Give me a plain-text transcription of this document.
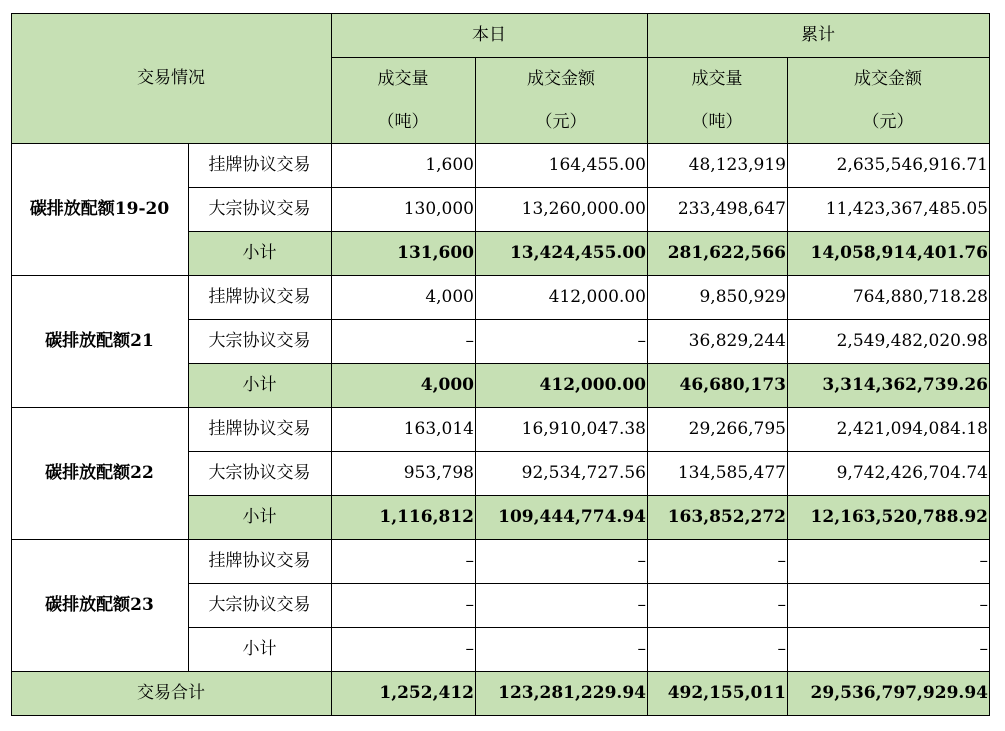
交易情况		本日		累计	
		成交量	成交金额	成交量	成交金额
		（吨）	（元）	（吨）	（元）
碳排放配额19-20	挂牌协议交易	1,600	164,455.00	48,123,919	2,635,546,916.71
	大宗协议交易	130,000	13,260,000.00	233,498,647	11,423,367,485.05
	小计	131,600	13,424,455.00	281,622,566	14,058,914,401.76
碳排放配额21	挂牌协议交易	4,000	412,000.00	9,850,929	764,880,718.28
	大宗协议交易	–	–	36,829,244	2,549,482,020.98
	小计	4,000	412,000.00	46,680,173	3,314,362,739.26
碳排放配额22	挂牌协议交易	163,014	16,910,047.38	29,266,795	2,421,094,084.18
	大宗协议交易	953,798	92,534,727.56	134,585,477	9,742,426,704.74
	小计	1,116,812	109,444,774.94	163,852,272	12,163,520,788.92
碳排放配额23	挂牌协议交易	–	–	–	–
	大宗协议交易	–	–	–	–
	小计	–	–	–	–
交易合计		1,252,412	123,281,229.94	492,155,011	29,536,797,929.94
